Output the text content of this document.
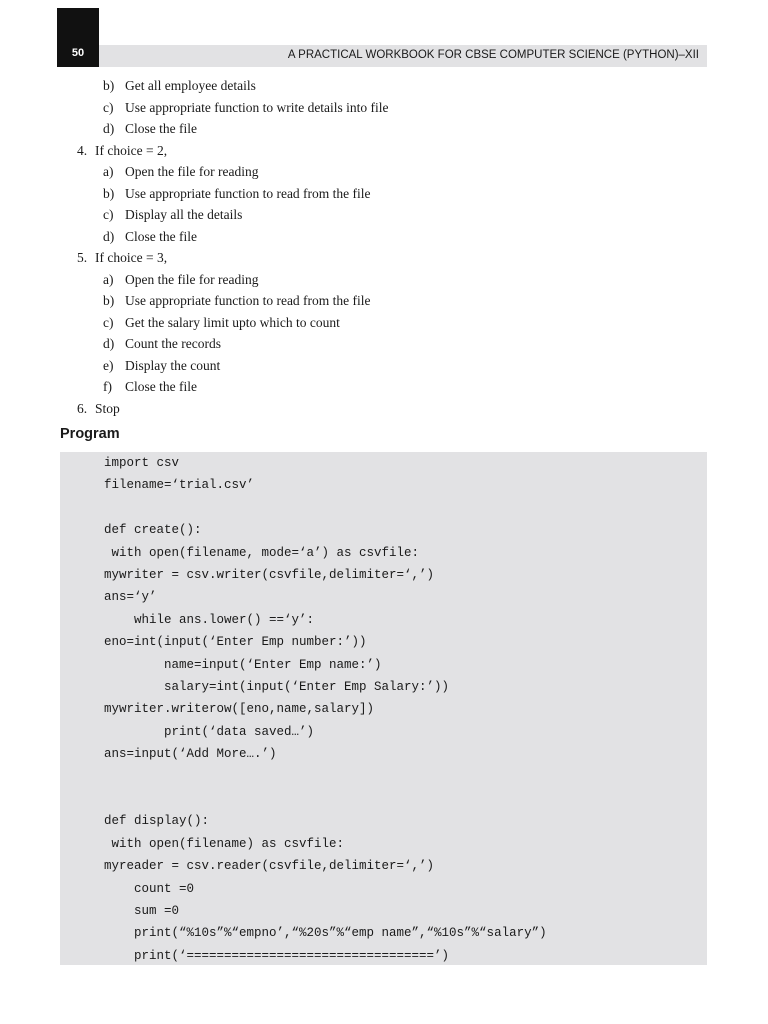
50	A PRACTICAL WORKBOOK FOR CBSE COMPUTER SCIENCE (PYTHON)–XII
b) Get all employee details
c) Use appropriate function to write details into file
d) Close the file
4. If choice = 2,
a) Open the file for reading
b) Use appropriate function to read from the file
c) Display all the details
d) Close the file
5. If choice = 3,
a) Open the file for reading
b) Use appropriate function to read from the file
c) Get the salary limit upto which to count
d) Count the records
e) Display the count
f) Close the file
6. Stop
Program
import csv
filename=‘trial.csv’
def create():
with open(filename, mode=‘a’) as csvfile:
mywriter = csv.writer(csvfile,delimiter=‘,’)
ans=‘y’
while ans.lower() ==‘y’:
eno=int(input(‘Enter Emp number:’))
name=input(‘Enter Emp name:’)
salary=int(input(‘Enter Emp Salary:’))
mywriter.writerow([eno,name,salary])
print(‘data saved…’)
ans=input(‘Add More….’)
def display():
with open(filename) as csvfile:
myreader = csv.reader(csvfile,delimiter=‘,’)
count =0
sum =0
print(“%10s”%“empno’,“%20s”%“emp name”,“%10s”%“salary”)
print(‘=================================’)
